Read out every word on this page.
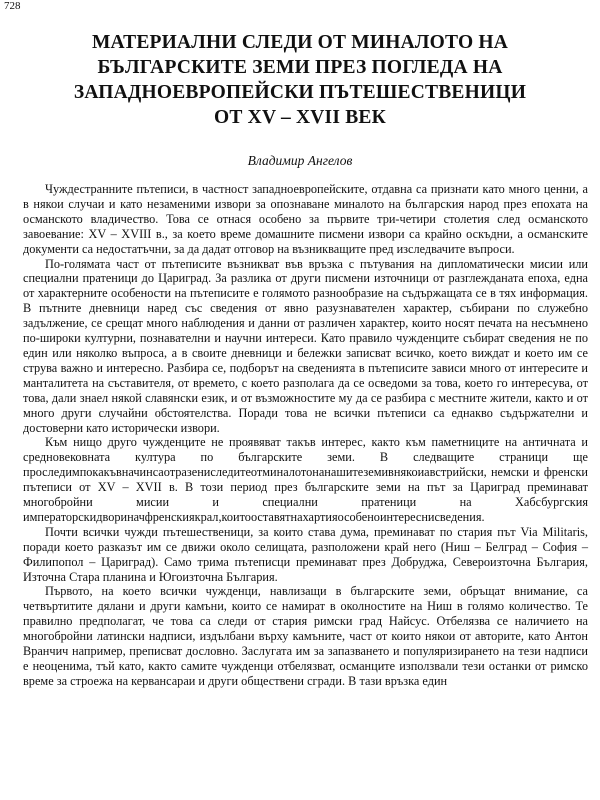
728
МАТЕРИАЛНИ СЛЕДИ ОТ МИНАЛОТО НА
БЪЛГАРСКИТЕ ЗЕМИ ПРЕЗ ПОГЛЕДА НА
ЗАПАДНОЕВРОПЕЙСКИ ПЪТЕШЕСТВЕНИЦИ
ОТ XV – XVII ВЕК
Владимир Ангелов

Чуждестранните пътеписи, в частност западноевропейските, отдавна са признати като много ценни, а в някои случаи и като незаменими извори за опознаване миналото на българския народ през епохата на османското владичество. Това се отнася особено за първите три-четири столетия след османското завоевание: XV – XVIII в., за което време домашните писмени извори са крайно оскъдни, а османските документи са недостатъчни, за да дадат отговор на възникващите пред изследвачите въпроси.

По-голямата част от пътеписите възникват във връзка с пътувания на дипломатически мисии или специални пратеници до Цариград. За разлика от други писмени източници от разглежданата епоха, една от характерните особености на пътеписите е голямото разнообразие на съдържащата се в тях информация. В пътните дневници наред със сведения от явно разузнавателен характер, събирани по служебно задължение, се срещат много наблюдения и данни от различен характер, които носят печата на несъмнено по-широки културни, познавателни и научни интереси. Като правило чужденците събират сведения не по един или няколко въпроса, а в своите дневници и бележки записват всичко, което виждат и което им се струва важно и интересно. Разбира се, подборът на сведенията в пътеписите зависи много от интересите и манталитета на съставителя, от времето, с което разполага да се осведоми за това, което го интересува, от това, дали знаел някой славянски език, и от възможностите му да се разбира с местните жители, както и от много други случайни обстоятелства. Поради това не всички пътеписи са еднакво съдържателни и достоверни като исторически извори.

Към нищо друго чужденците не проявяват такъв интерес, както към паметниците на античната и средновековната култура по българските земи. В следващите страници ще проследимпокакъвначинсаотразениследитеотминалотонанашитеземивнякоиавстрийски, немски и френски пътеписи от XV – XVII в. В този период през българските земи на път за Цариград преминават многобройни мисии и специални пратеници на Хабсбургския императорскидвориначфренскиякрал,коитооставятнахартияособеноинтереснисведения.

Почти всички чужди пътешественици, за които става дума, преминават по стария път Via Militaris, поради което разказът им се движи около селищата, разположени край него (Ниш – Белград – София – Филипопол – Цариград). Само трима пътеписци преминават през Добруджа, Североизточна България, Източна Стара планина и Югоизточна България.

Първото, на което всички чужденци, навлизащи в българските земи, обръщат внимание, са четвъртитите дялани и други камъни, които се намират в околностите на Ниш в голямо количество. Те правилно предполагат, че това са следи от стария римски град Найсус. Отбелязва се наличието на многобройни латински надписи, издълбани върху камъните, част от които някои от авторите, като Антон Вранчич например, преписват дословно. Заслугата им за запазването и популяризирането на тези надписи е неоценима, тъй като, както самите чужденци отбелязват, османците използвали тези останки от римско време за строежа на кервансараи и други обществени сгради. В тази връзка един
